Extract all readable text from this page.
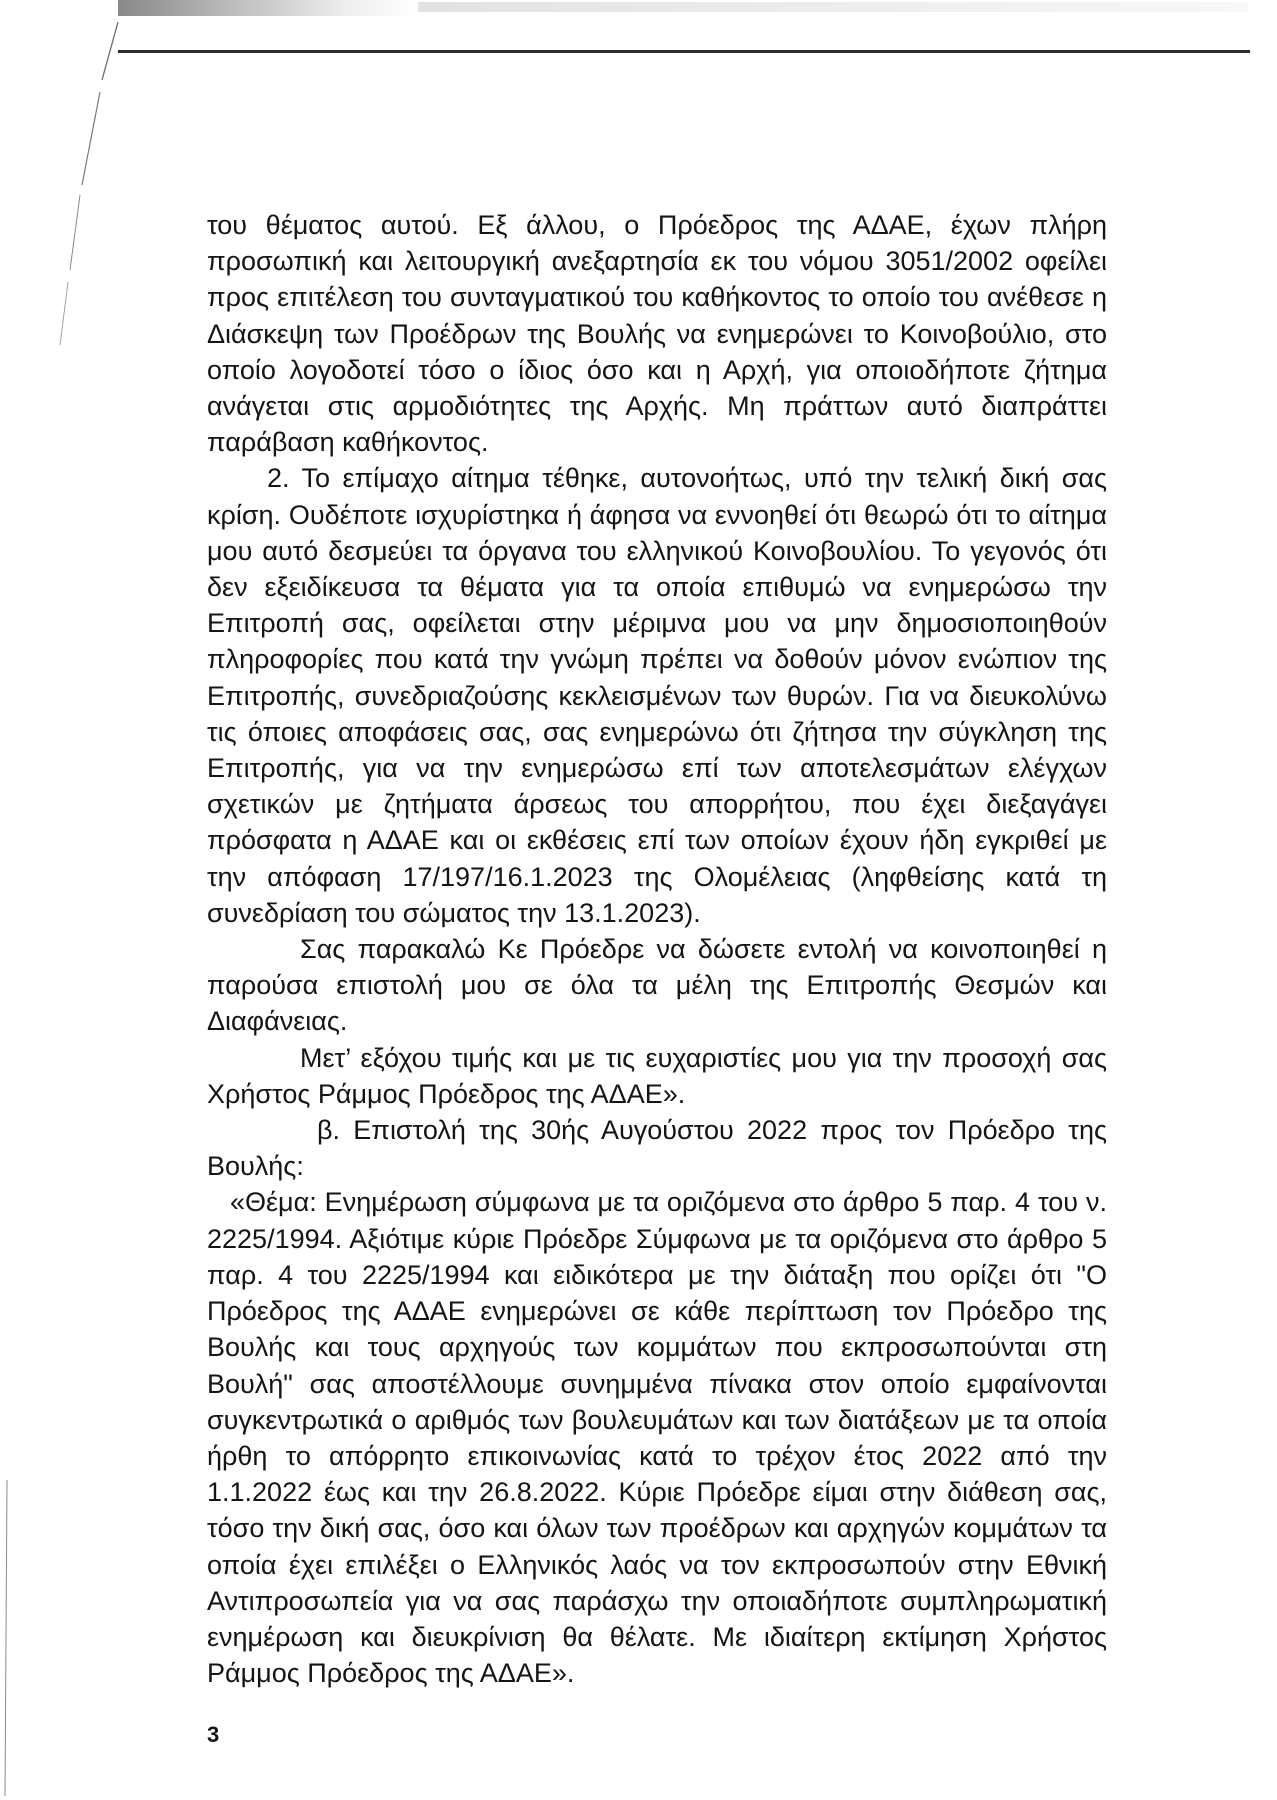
του θέματος αυτού. Εξ άλλου, ο Πρόεδρος της ΑΔΑΕ, έχων πλήρη προσωπική και λειτουργική ανεξαρτησία εκ του νόμου 3051/2002 οφείλει προς επιτέλεση του συνταγματικού του καθήκοντος το οποίο του ανέθεσε η Διάσκεψη των Προέδρων της Βουλής να ενημερώνει το Κοινοβούλιο, στο οποίο λογοδοτεί τόσο ο ίδιος όσο και η Αρχή, για οποιοδήποτε ζήτημα ανάγεται στις αρμοδιότητες της Αρχής. Μη πράττων αυτό διαπράττει παράβαση καθήκοντος.

2. Το επίμαχο αίτημα τέθηκε, αυτονοήτως, υπό την τελική δική σας κρίση. Ουδέποτε ισχυρίστηκα ή άφησα να εννοηθεί ότι θεωρώ ότι το αίτημα μου αυτό δεσμεύει τα όργανα του ελληνικού Κοινοβουλίου. Το γεγονός ότι δεν εξειδίκευσα τα θέματα για τα οποία επιθυμώ να ενημερώσω την Επιτροπή σας, οφείλεται στην μέριμνα μου να μην δημοσιοποιηθούν πληροφορίες που κατά την γνώμη πρέπει να δοθούν μόνον ενώπιον της Επιτροπής, συνεδριαζούσης κεκλεισμένων των θυρών. Για να διευκολύνω τις όποιες αποφάσεις σας, σας ενημερώνω ότι ζήτησα την σύγκληση της Επιτροπής, για να την ενημερώσω επί των αποτελεσμάτων ελέγχων σχετικών με ζητήματα άρσεως του απορρήτου, που έχει διεξαγάγει πρόσφατα η ΑΔΑΕ και οι εκθέσεις επί των οποίων έχουν ήδη εγκριθεί με την απόφαση 17/197/16.1.2023 της Ολομέλειας (ληφθείσης κατά τη συνεδρίαση του σώματος την 13.1.2023).

Σας παρακαλώ Κε Πρόεδρε να δώσετε εντολή να κοινοποιηθεί η παρούσα επιστολή μου σε όλα τα μέλη της Επιτροπής Θεσμών και Διαφάνειας.

Μετ’ εξόχου τιμής και με τις ευχαριστίες μου για την προσοχή σας Χρήστος Ράμμος Πρόεδρος της ΑΔΑΕ».

β. Επιστολή της 30ής Αυγούστου 2022 προς τον Πρόεδρο της Βουλής:

«Θέμα: Ενημέρωση σύμφωνα με τα οριζόμενα στο άρθρο 5 παρ. 4 του ν. 2225/1994. Αξιότιμε κύριε Πρόεδρε Σύμφωνα με τα οριζόμενα στο άρθρο 5 παρ. 4 του 2225/1994 και ειδικότερα με την διάταξη που ορίζει ότι "Ο Πρόεδρος της ΑΔΑΕ ενημερώνει σε κάθε περίπτωση τον Πρόεδρο της Βουλής και τους αρχηγούς των κομμάτων που εκπροσωπούνται στη Βουλή" σας αποστέλλουμε συνημμένα πίνακα στον οποίο εμφαίνονται συγκεντρωτικά ο αριθμός των βουλευμάτων και των διατάξεων με τα οποία ήρθη το απόρρητο επικοινωνίας κατά το τρέχον έτος 2022 από την 1.1.2022 έως και την 26.8.2022. Κύριε Πρόεδρε είμαι στην διάθεση σας, τόσο την δική σας, όσο και όλων των προέδρων και αρχηγών κομμάτων τα οποία έχει επιλέξει ο Ελληνικός λαός να τον εκπροσωπούν στην Εθνική Αντιπροσωπεία για να σας παράσχω την οποιαδήποτε συμπληρωματική ενημέρωση και διευκρίνιση θα θέλατε. Με ιδιαίτερη εκτίμηση Χρήστος Ράμμος Πρόεδρος της ΑΔΑΕ».

3
